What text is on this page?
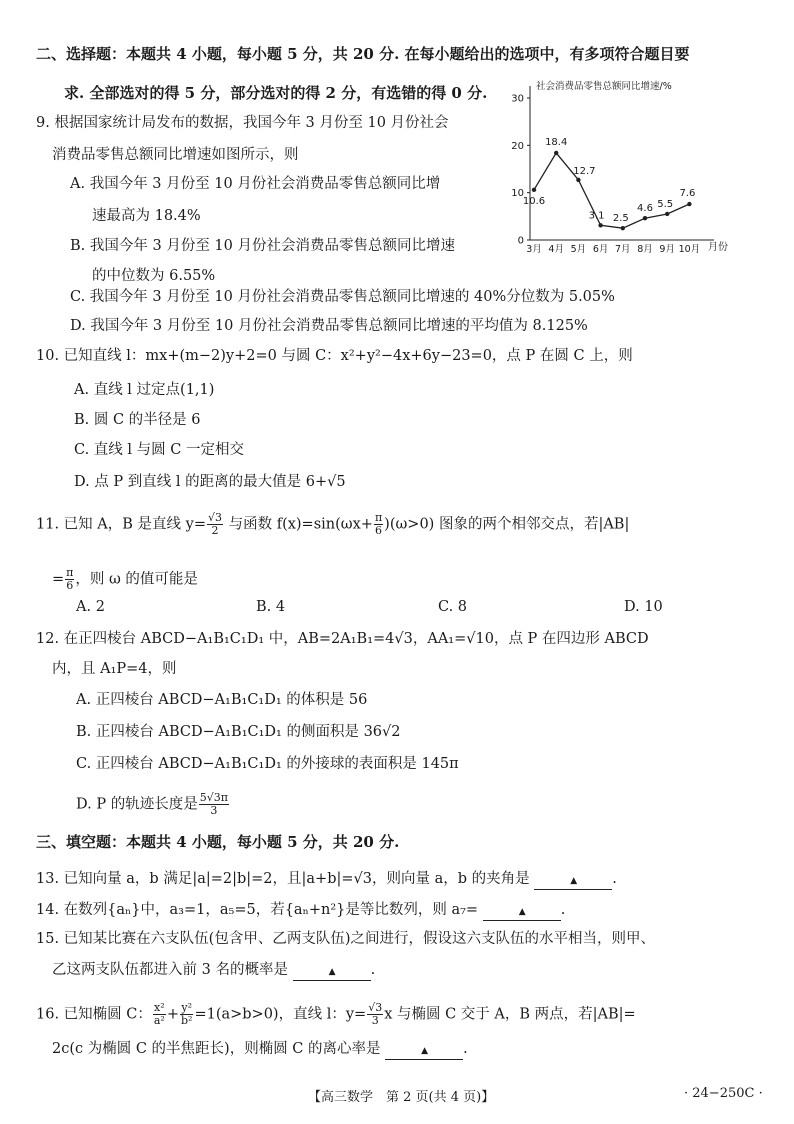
二、选择题：本题共 4 小题，每小题 5 分，共 20 分. 在每小题给出的选项中，有多项符合题目要
求. 全部选对的得 5 分，部分选对的得 2 分，有选错的得 0 分.
9. 根据国家统计局发布的数据，我国今年 3 月份至 10 月份社会
消费品零售总额同比增速如图所示，则
A. 我国今年 3 月份至 10 月份社会消费品零售总额同比增
速最高为 18.4%
B. 我国今年 3 月份至 10 月份社会消费品零售总额同比增速
的中位数为 6.55%
C. 我国今年 3 月份至 10 月份社会消费品零售总额同比增速的 40%分位数为 5.05%
D. 我国今年 3 月份至 10 月份社会消费品零售总额同比增速的平均值为 8.125%
0
10
20
30
3月 4月 5月 6月 7月 8月 9月 10月
10.6
18.4
12.7
3.1 2.5
4.6 5.5
7.6
社会消费品零售总额同比增速/%
月份
10. 已知直线 l：mx+(m−2)y+2=0 与圆 C：x²+y²−4x+6y−23=0，点 P 在圆 C 上，则
A. 直线 l 过定点(1,1)
B. 圆 C 的半径是 6
C. 直线 l 与圆 C 一定相交
D. 点 P 到直线 l 的距离的最大值是 6+√5
11. 已知 A，B 是直线 $y= \frac{√3}{2}$ 与函数 $f(x)=\sin(\omega x+ \frac{\pi}{6} )(\omega>0)$ 图象的两个相邻交点，若|AB|
= $\frac{\pi}{6}$ ，则 ω 的值可能是
A. 2	B. 4	C. 8	D. 10
12. 在正四棱台 ABCD−A₁B₁C₁D₁ 中，AB=2A₁B₁=4√3，AA₁=√10，点 P 在四边形 ABCD
内，且 A₁P=4，则
A. 正四棱台 ABCD−A₁B₁C₁D₁ 的体积是 56
B. 正四棱台 ABCD−A₁B₁C₁D₁ 的侧面积是 36√2
C. 正四棱台 ABCD−A₁B₁C₁D₁ 的外接球的表面积是 145π
D. P 的轨迹长度是 $\frac{5√3\pi}{3}$
三、填空题：本题共 4 小题，每小题 5 分，共 20 分.
13. 已知向量 a，b 满足|a|=2|b|=2，且|a+b|=√3，则向量 a，b 的夹角是	▲ .
14. 在数列{aₙ}中，a₃=1，a₅=5，若{aₙ+n²}是等比数列，则 a₇=	▲ .
15. 已知某比赛在六支队伍(包含甲、乙两支队伍)之间进行，假设这六支队伍的水平相当，则甲、
乙这两支队伍都进入前 3 名的概率是	▲ .
16. 已知椭圆 C： $\frac{\text{x²}}{\text{a²}} + \frac{\text{y²}}{\text{b²}} =1(a>b>0)$，直线 l：$y= \frac{√3}{3}$ x 与椭圆 C 交于 A，B 两点，若|AB|=
2c(c 为椭圆 C 的半焦距长)，则椭圆 C 的离心率是	▲ .
【高三数学　第 2 页(共 4 页)】	· 24−250C ·
